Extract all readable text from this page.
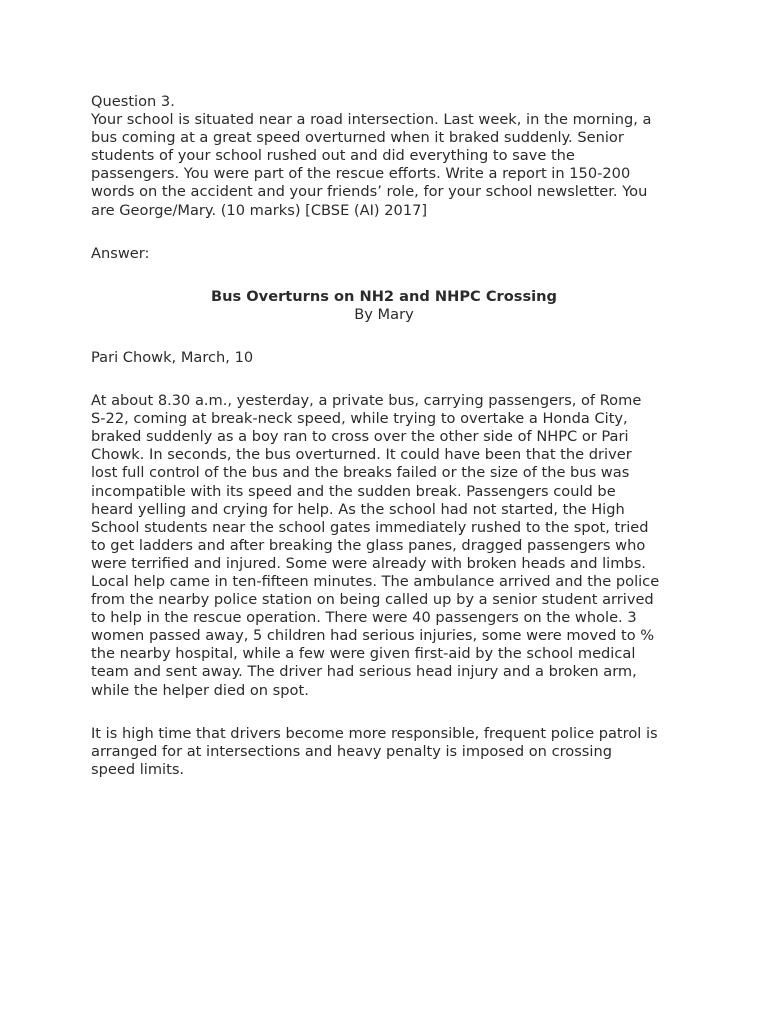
Question 3.

Your school is situated near a road intersection. Last week, in the morning, a
bus coming at a great speed overturned when it braked suddenly. Senior
students of your school rushed out and did everything to save the
passengers. You were part of the rescue efforts. Write a report in 150-200
words on the accident and your friends’ role, for your school newsletter. You
are George/Mary. (10 marks) [CBSE (AI) 2017]

Answer:

Bus Overturns on NH2 and NHPC Crossing

By Mary

Pari Chowk, March, 10

At about 8.30 a.m., yesterday, a private bus, carrying passengers, of Rome
S-22, coming at break-neck speed, while trying to overtake a Honda City,
braked suddenly as a boy ran to cross over the other side of NHPC or Pari
Chowk. In seconds, the bus overturned. It could have been that the driver
lost full control of the bus and the breaks failed or the size of the bus was
incompatible with its speed and the sudden break. Passengers could be
heard yelling and crying for help. As the school had not started, the High
School students near the school gates immediately rushed to the spot, tried
to get ladders and after breaking the glass panes, dragged passengers who
were terrified and injured. Some were already with broken heads and limbs.
Local help came in ten-fifteen minutes. The ambulance arrived and the police
from the nearby police station on being called up by a senior student arrived
to help in the rescue operation. There were 40 passengers on the whole. 3
women passed away, 5 children had serious injuries, some were moved to %
the nearby hospital, while a few were given first-aid by the school medical
team and sent away. The driver had serious head injury and a broken arm,
while the helper died on spot.

It is high time that drivers become more responsible, frequent police patrol is
arranged for at intersections and heavy penalty is imposed on crossing
speed limits.
